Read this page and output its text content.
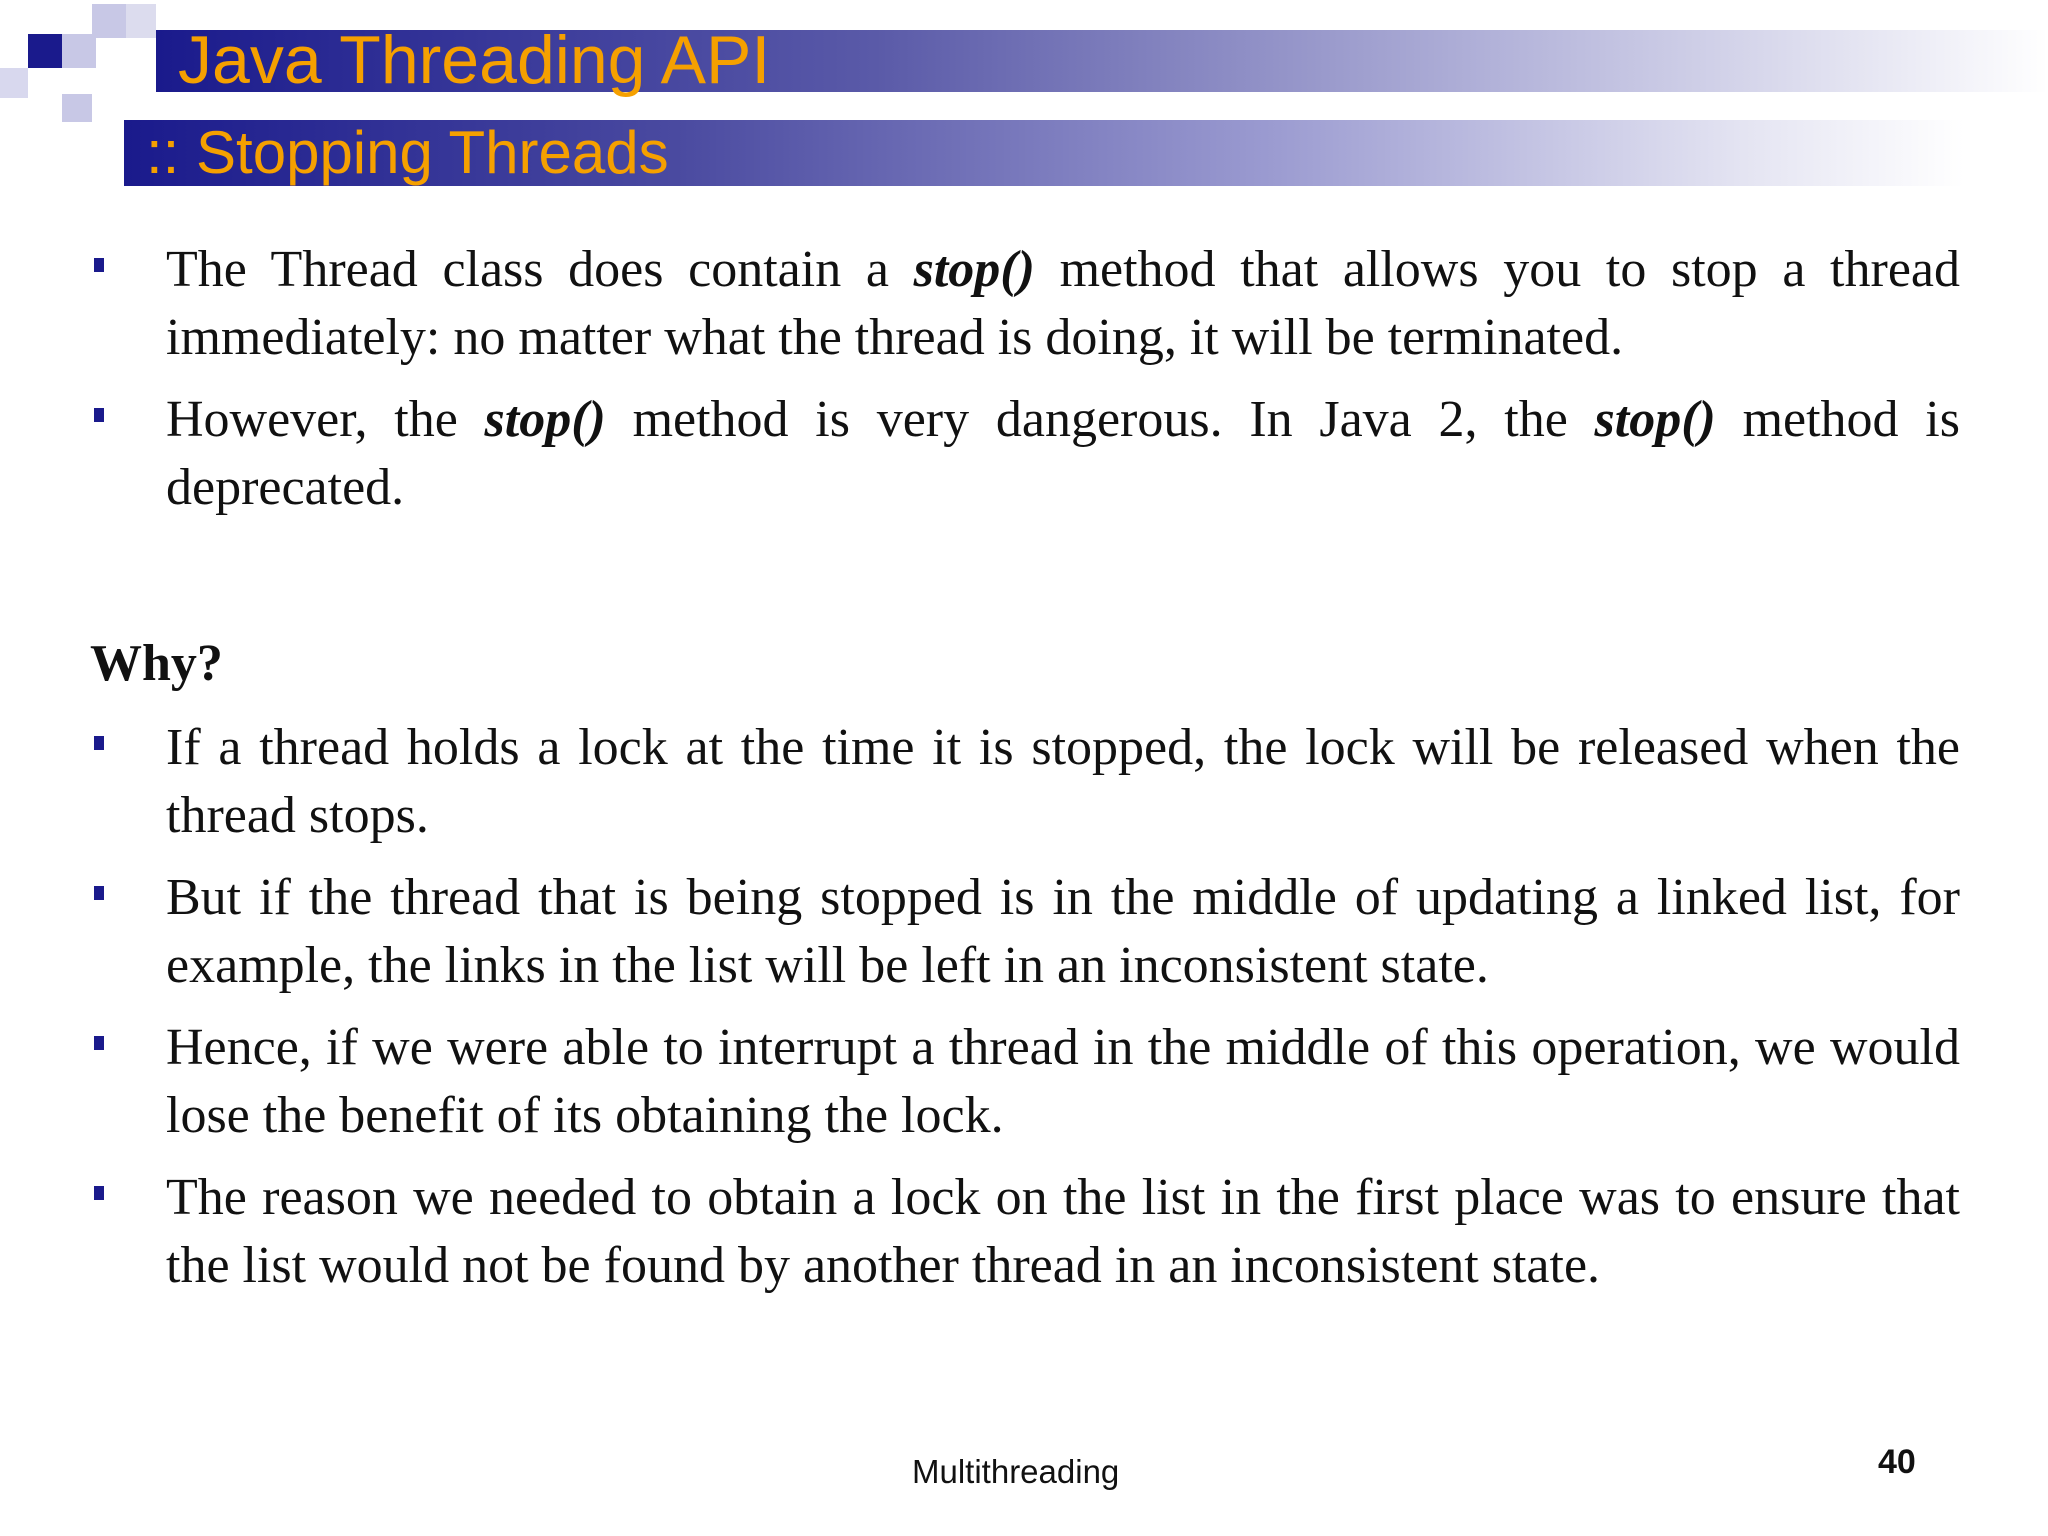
Java Threading API
:: Stopping Threads
The Thread class does contain a stop() method that allows you to stop a thread immediately: no matter what the thread is doing, it will be terminated.
However, the stop() method is very dangerous. In Java 2, the stop() method is deprecated.
Why?
If a thread holds a lock at the time it is stopped, the lock will be released when the thread stops.
But if the thread that is being stopped is in the middle of updating a linked list, for example, the links in the list will be left in an inconsistent state.
Hence, if we were able to interrupt a thread in the middle of this operation, we would lose the benefit of its obtaining the lock.
The reason we needed to obtain a lock on the list in the first place was to ensure that the list would not be found by another thread in an inconsistent state.
Multithreading	40
